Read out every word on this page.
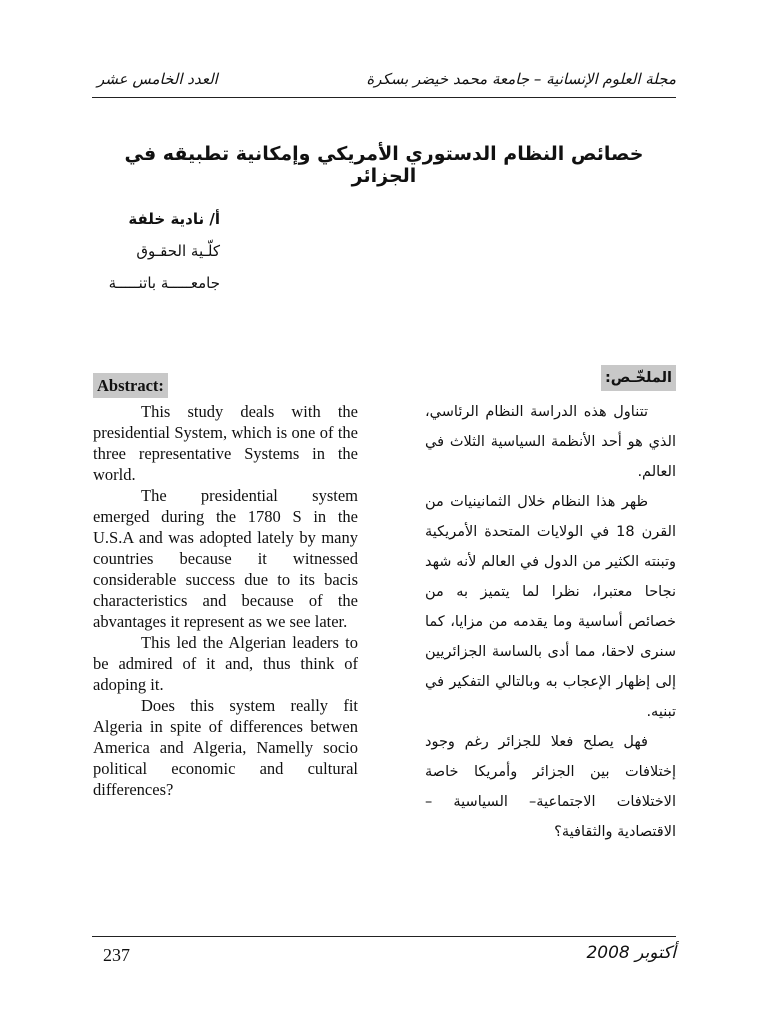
مجلة العلوم الإنسانية – جامعة محمد خيضر بسكرة
العدد الخامس عشر
خصائص النظام الدستوري الأمريكي وإمكانية تطبيقه في الجزائر
أ/ نادية خلفة
كلّـية الحقـوق
جامعـــــة باتنـــــة
Abstract:

This study deals with the presidential System, which is one of the three representative Systems in the world.

The presidential system emerged during the 1780 S in the U.S.A and was adopted lately by many countries because it witnessed considerable success due to its bacis characteristics and because of the abvantages it represent as we see later.

This led the Algerian leaders to be admired of it and, thus think of adoping it.

Does this system really fit Algeria in spite of differences betwen America and Algeria, Namelly socio political economic and cultural differences?

الملخّـص:

تتناول هذه الدراسة النظام الرئاسي، الذي هو أحد الأنظمة السياسية الثلاث في العالم.

ظهر هذا النظام خلال الثمانينيات من القرن 18 في الولايات المتحدة الأمريكية وتبنته الكثير من الدول في العالم لأنه شهد نجاحا معتبرا، نظرا لما يتميز به من خصائص أساسية وما يقدمه من مزايا، كما سنرى لاحقا، مما أدى بالساسة الجزائريين إلى إظهار الإعجاب به وبالتالي التفكير في تبنيه.

فهل يصلح فعلا للجزائر رغم وجود إختلافات بين الجزائر وأمريكا خاصة الاختلافات الاجتماعية– السياسية –الاقتصادية والثقافية؟

237	أكتوبر 2008
